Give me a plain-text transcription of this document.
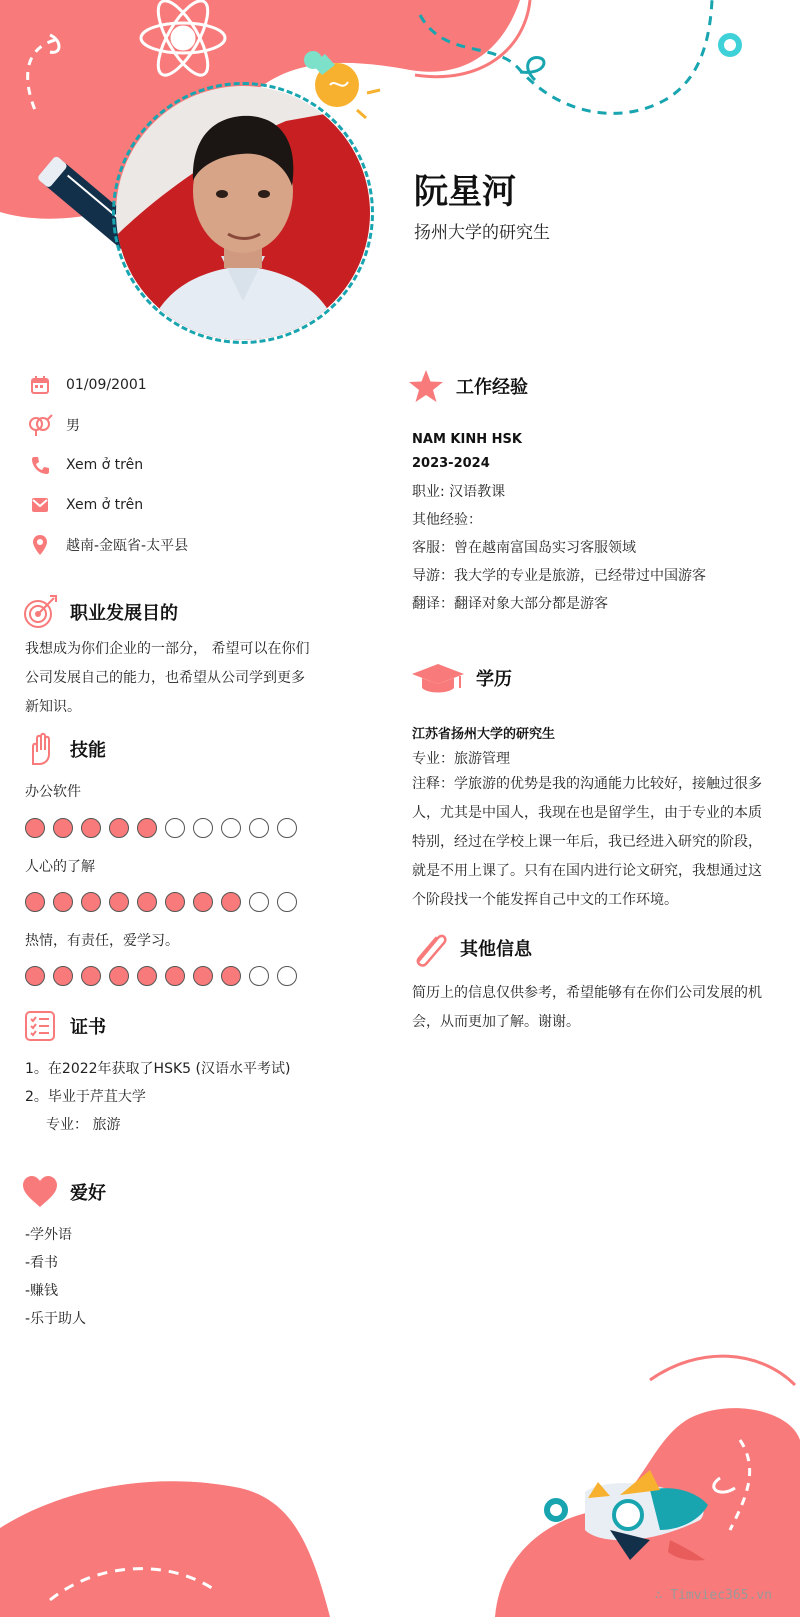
阮星河
扬州大学的研究生
01/09/2001
男
Xem ở trên
Xem ở trên
越南-金瓯省-太平县
职业发展目的
我想成为你们企业的一部分， 希望可以在你们
公司发展自己的能力，也希望从公司学到更多
新知识。
技能
办公软件
人心的了解
热情，有责任，爱学习。
证书
1。在2022年获取了HSK5 (汉语水平考试)
2。毕业于芹苴大学
专业： 旅游
爱好
-学外语
-看书
-赚钱
-乐于助人
工作经验
NAM KINH HSK
2023-2024
职业: 汉语教课
其他经验：
客服：曾在越南富国岛实习客服领域
导游：我大学的专业是旅游，已经带过中国游客
翻译：翻译对象大部分都是游客
学历
江苏省扬州大学的研究生
专业：旅游管理
注释：学旅游的优势是我的沟通能力比较好，接触过很多
人，尤其是中国人，我现在也是留学生，由于专业的本质
特别，经过在学校上课一年后，我已经进入研究的阶段，
就是不用上课了。只有在国内进行论文研究，我想通过这
个阶段找一个能发挥自己中文的工作环境。
其他信息
简历上的信息仅供参考，希望能够有在你们公司发展的机
会，从而更加了解。谢谢。
∴ Timviec365.vn
